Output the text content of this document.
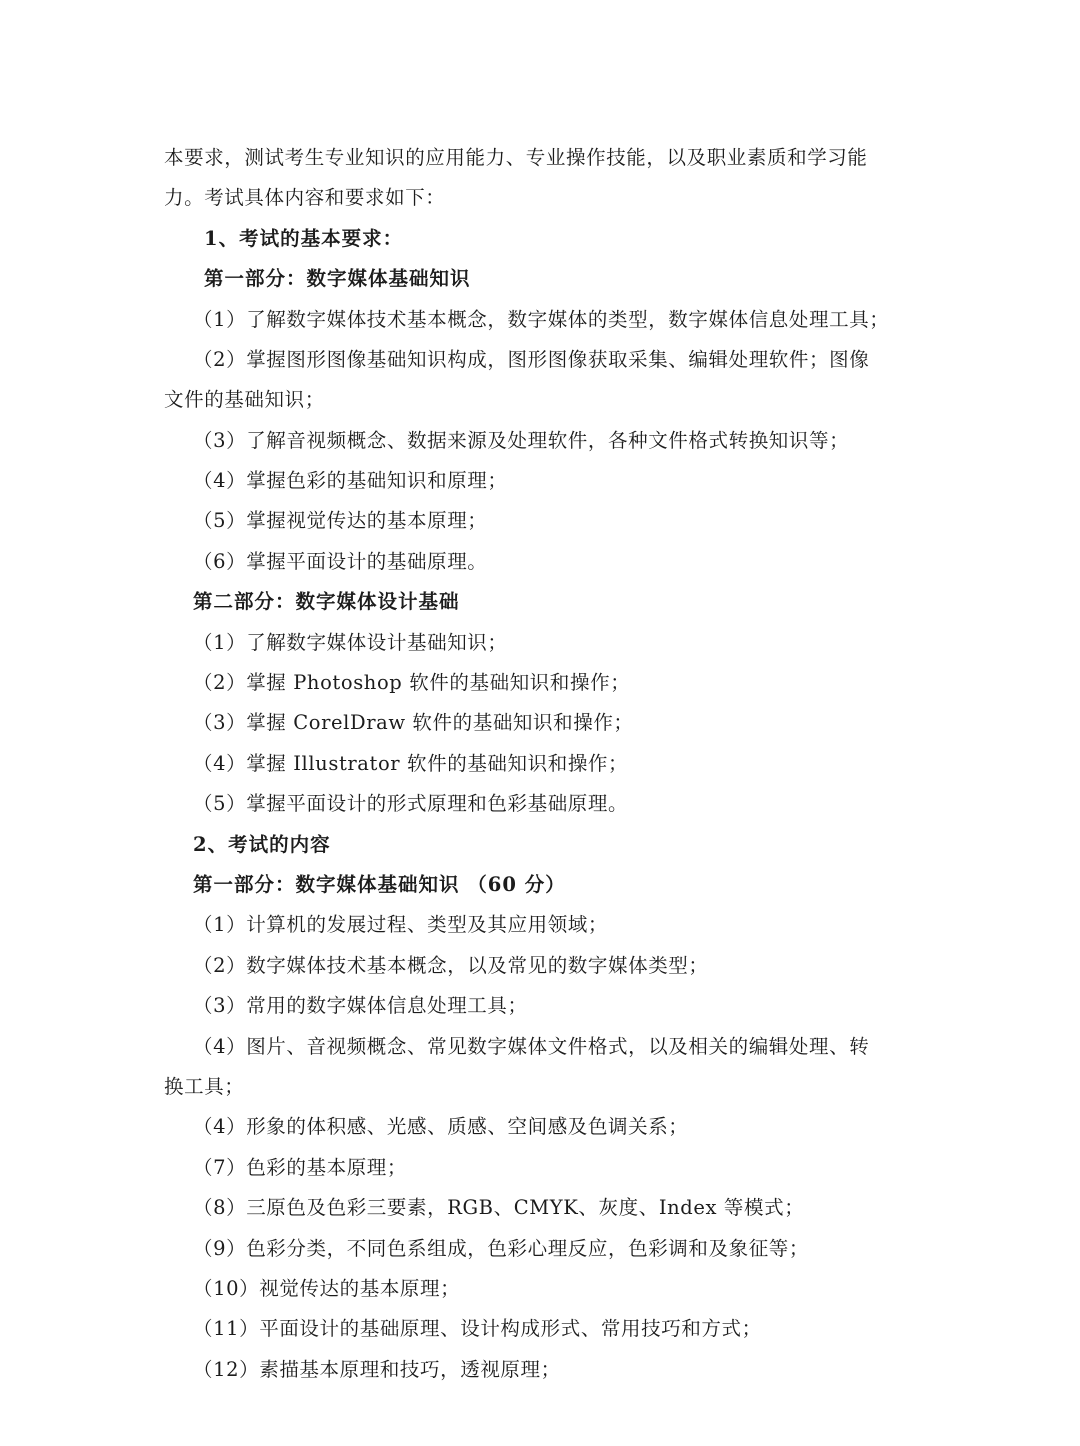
本要求，测试考生专业知识的应用能力、专业操作技能，以及职业素质和学习能
力。考试具体内容和要求如下：
1、考试的基本要求：
第一部分：数字媒体基础知识
（1）了解数字媒体技术基本概念，数字媒体的类型，数字媒体信息处理工具；
（2）掌握图形图像基础知识构成，图形图像获取采集、编辑处理软件；图像
文件的基础知识；
（3）了解音视频概念、数据来源及处理软件，各种文件格式转换知识等；
（4）掌握色彩的基础知识和原理；
（5）掌握视觉传达的基本原理；
（6）掌握平面设计的基础原理。
第二部分：数字媒体设计基础
（1）了解数字媒体设计基础知识；
（2）掌握 Photoshop 软件的基础知识和操作；
（3）掌握 CorelDraw 软件的基础知识和操作；
（4）掌握 Illustrator 软件的基础知识和操作；
（5）掌握平面设计的形式原理和色彩基础原理。
2、考试的内容
第一部分：数字媒体基础知识 （60 分）
（1）计算机的发展过程、类型及其应用领域；
（2）数字媒体技术基本概念，以及常见的数字媒体类型；
（3）常用的数字媒体信息处理工具；
（4）图片、音视频概念、常见数字媒体文件格式，以及相关的编辑处理、转
换工具；
（4）形象的体积感、光感、质感、空间感及色调关系；
（7）色彩的基本原理；
（8）三原色及色彩三要素，RGB、CMYK、灰度、Index 等模式；
（9）色彩分类，不同色系组成，色彩心理反应，色彩调和及象征等；
（10）视觉传达的基本原理；
（11）平面设计的基础原理、设计构成形式、常用技巧和方式；
（12）素描基本原理和技巧，透视原理；
